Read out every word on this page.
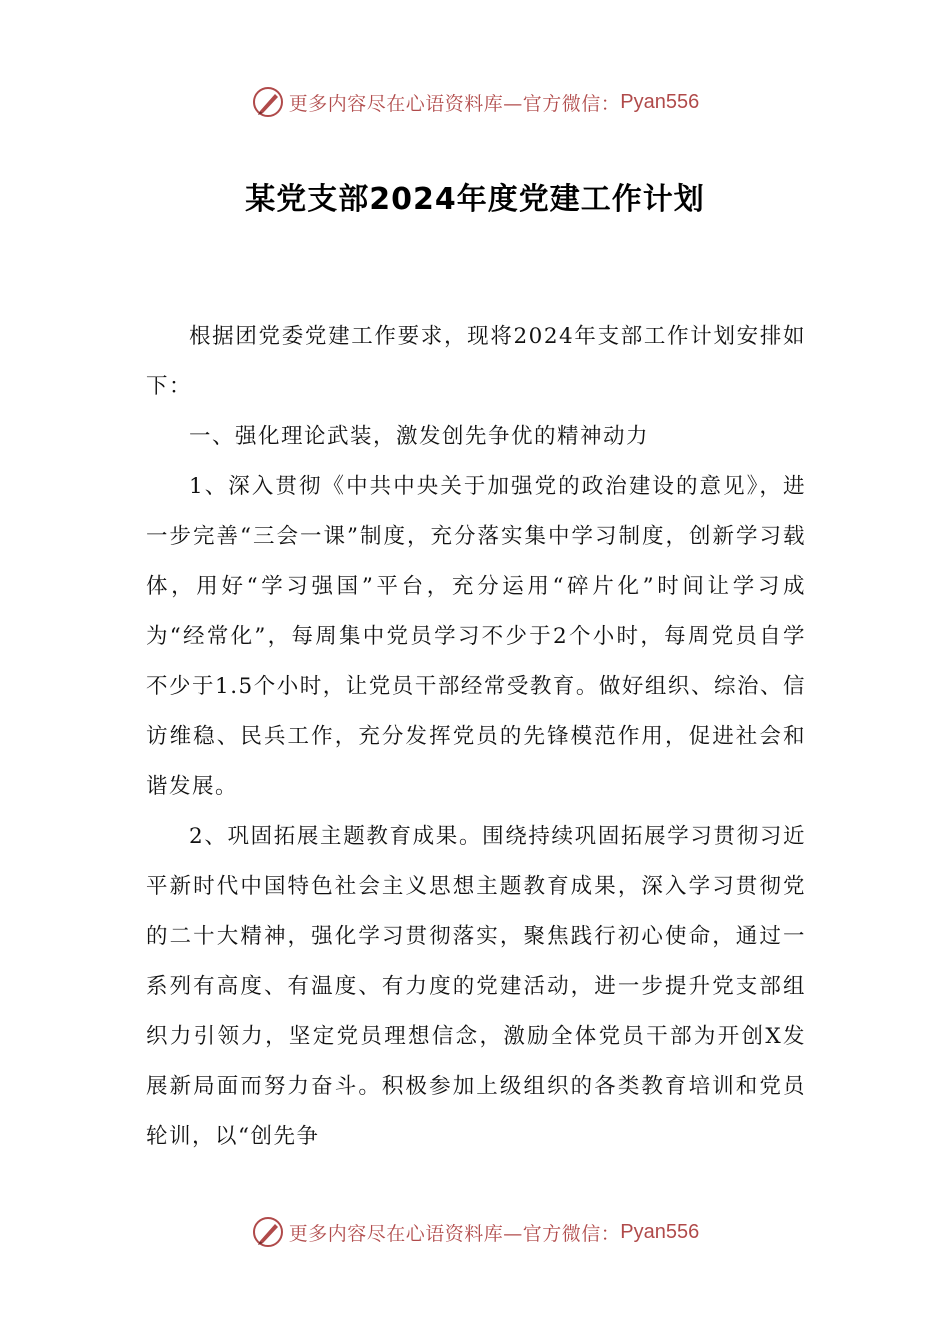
更多内容尽在心语资料库—官方微信： Pyan556
某党支部2024年度党建工作计划

根据团党委党建工作要求，现将2024年支部工作计划安排如下：

一、强化理论武装，激发创先争优的精神动力

1、深入贯彻《中共中央关于加强党的政治建设的意见》，进一步完善“三会一课”制度，充分落实集中学习制度，创新学习载体，用好“学习强国”平台，充分运用“碎片化”时间让学习成为“经常化”，每周集中党员学习不少于2个小时，每周党员自学不少于1.5个小时，让党员干部经常受教育。做好组织、综治、信访维稳、民兵工作，充分发挥党员的先锋模范作用，促进社会和谐发展。

2、巩固拓展主题教育成果。围绕持续巩固拓展学习贯彻习近平新时代中国特色社会主义思想主题教育成果，深入学习贯彻党的二十大精神，强化学习贯彻落实，聚焦践行初心使命，通过一系列有高度、有温度、有力度的党建活动，进一步提升党支部组织力引领力，坚定党员理想信念，激励全体党员干部为开创X发展新局面而努力奋斗。积极参加上级组织的各类教育培训和党员轮训，以“创先争

更多内容尽在心语资料库—官方微信： Pyan556
